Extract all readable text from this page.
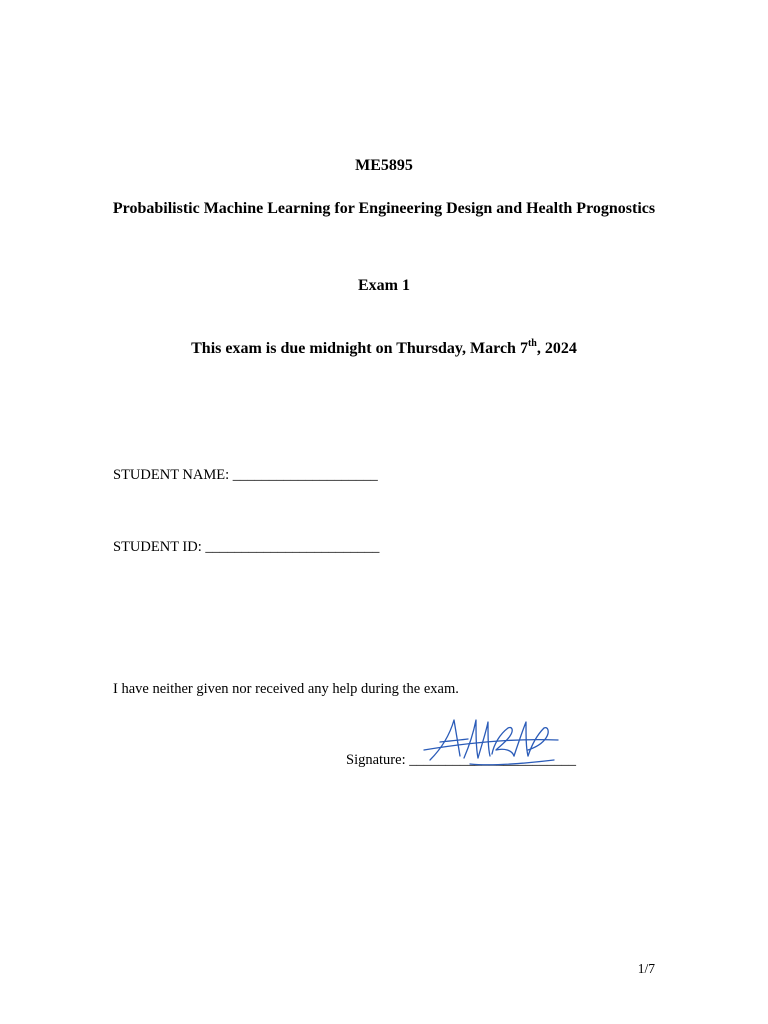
ME5895
Probabilistic Machine Learning for Engineering Design and Health Prognostics
Exam 1
This exam is due midnight on Thursday, March 7th, 2024
STUDENT NAME: ____________________
STUDENT ID: ________________________
I have neither given nor received any help during the exam.
Signature: _______________________
1/7
